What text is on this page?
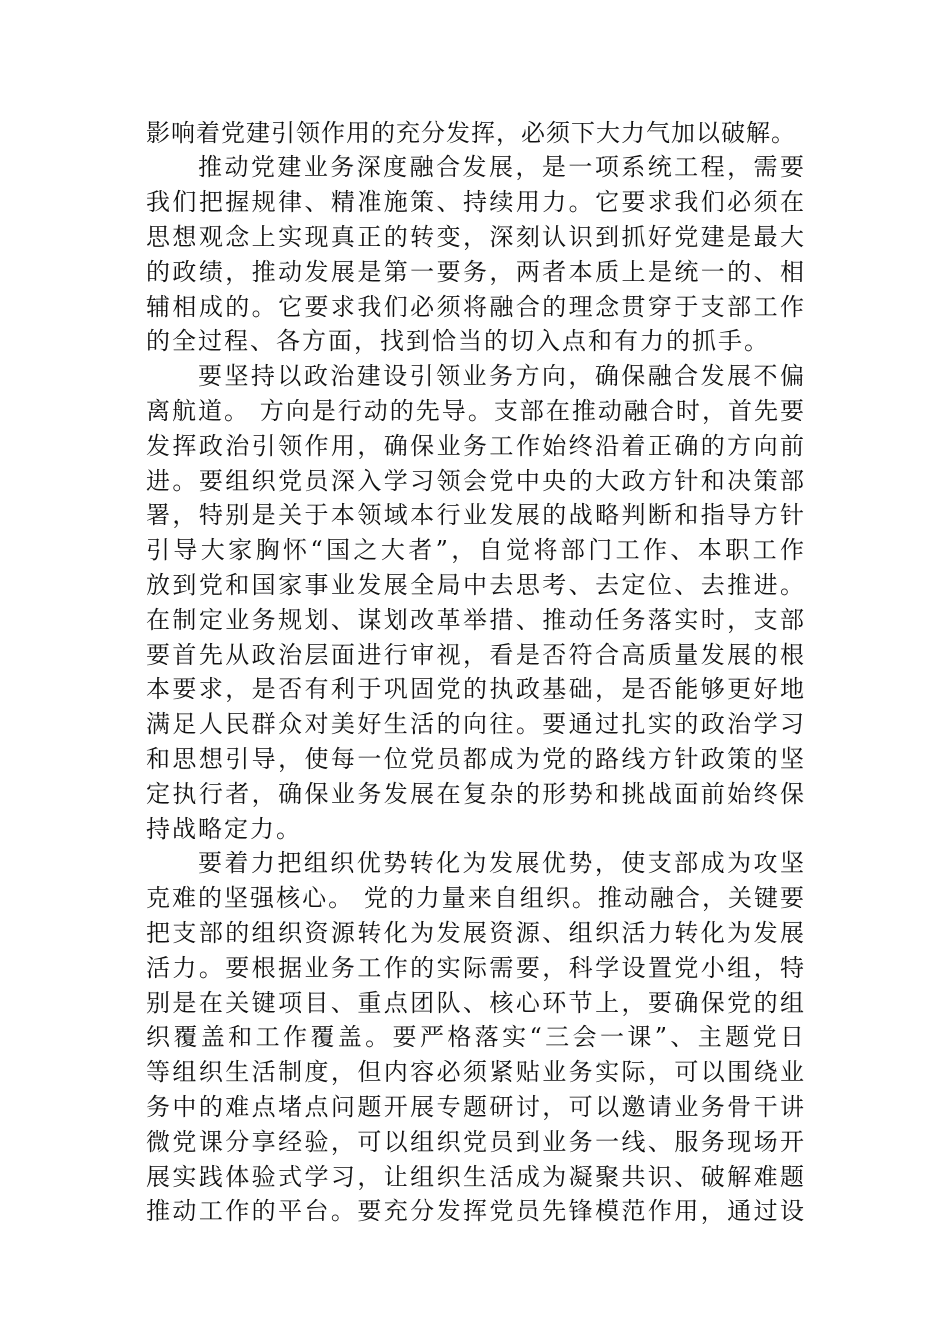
影响着党建引领作用的充分发挥，必须下大力气加以破解。
推动党建业务深度融合发展，是一项系统工程，需要
我们把握规律、精准施策、持续用力。它要求我们必须在
思想观念上实现真正的转变，深刻认识到抓好党建是最大
的政绩，推动发展是第一要务，两者本质上是统一的、相
辅相成的。它要求我们必须将融合的理念贯穿于支部工作
的全过程、各方面，找到恰当的切入点和有力的抓手。
要坚持以政治建设引领业务方向，确保融合发展不偏
离航道。 方向是行动的先导。支部在推动融合时，首先要
发挥政治引领作用，确保业务工作始终沿着正确的方向前
进。要组织党员深入学习领会党中央的大政方针和决策部
署，特别是关于本领域本行业发展的战略判断和指导方针
引导大家胸怀“国之大者”，自觉将部门工作、本职工作
放到党和国家事业发展全局中去思考、去定位、去推进。
在制定业务规划、谋划改革举措、推动任务落实时，支部
要首先从政治层面进行审视，看是否符合高质量发展的根
本要求，是否有利于巩固党的执政基础，是否能够更好地
满足人民群众对美好生活的向往。要通过扎实的政治学习
和思想引导，使每一位党员都成为党的路线方针政策的坚
定执行者，确保业务发展在复杂的形势和挑战面前始终保
持战略定力。
要着力把组织优势转化为发展优势，使支部成为攻坚
克难的坚强核心。 党的力量来自组织。推动融合，关键要
把支部的组织资源转化为发展资源、组织活力转化为发展
活力。要根据业务工作的实际需要，科学设置党小组，特
别是在关键项目、重点团队、核心环节上，要确保党的组
织覆盖和工作覆盖。要严格落实“三会一课”、主题党日
等组织生活制度，但内容必须紧贴业务实际，可以围绕业
务中的难点堵点问题开展专题研讨，可以邀请业务骨干讲
微党课分享经验，可以组织党员到业务一线、服务现场开
展实践体验式学习，让组织生活成为凝聚共识、破解难题
推动工作的平台。要充分发挥党员先锋模范作用，通过设
